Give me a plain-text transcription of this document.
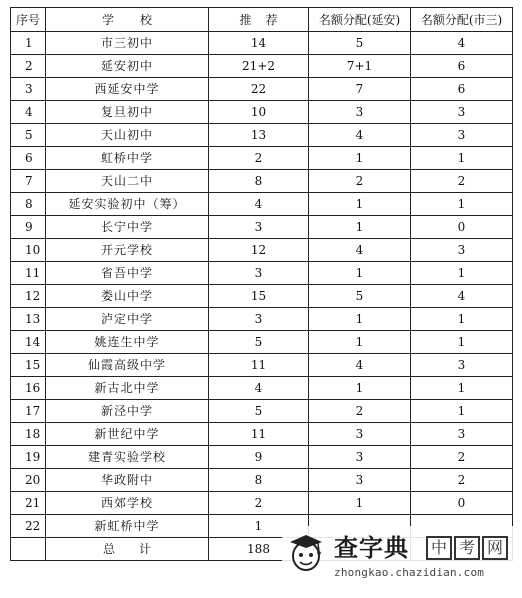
序号	学校	推荐	名额分配(延安)	名额分配(市三)
1	市三初中	14	5	4
2	延安初中	21+2	7+1	6
3	西延安中学	22	7	6
4	复旦初中	10	3	3
5	天山初中	13	4	3
6	虹桥中学	2	1	1
7	天山二中	8	2	2
8	延安实验初中（筹）	4	1	1
9	长宁中学	3	1	0
10	开元学校	12	4	3
11	省吾中学	3	1	1
12	娄山中学	15	5	4
13	泸定中学	3	1	1
14	姚连生中学	5	1	1
15	仙霞高级中学	11	4	3
16	新古北中学	4	1	1
17	新泾中学	5	2	1
18	新世纪中学	11	3	3
19	建青实验学校	9	3	2
20	华政附中	8	3	2
21	西郊学校	2	1	0
22	新虹桥中学	1		
	总计	188			查字典	中 考 网
zhongkao.chazidian.com
